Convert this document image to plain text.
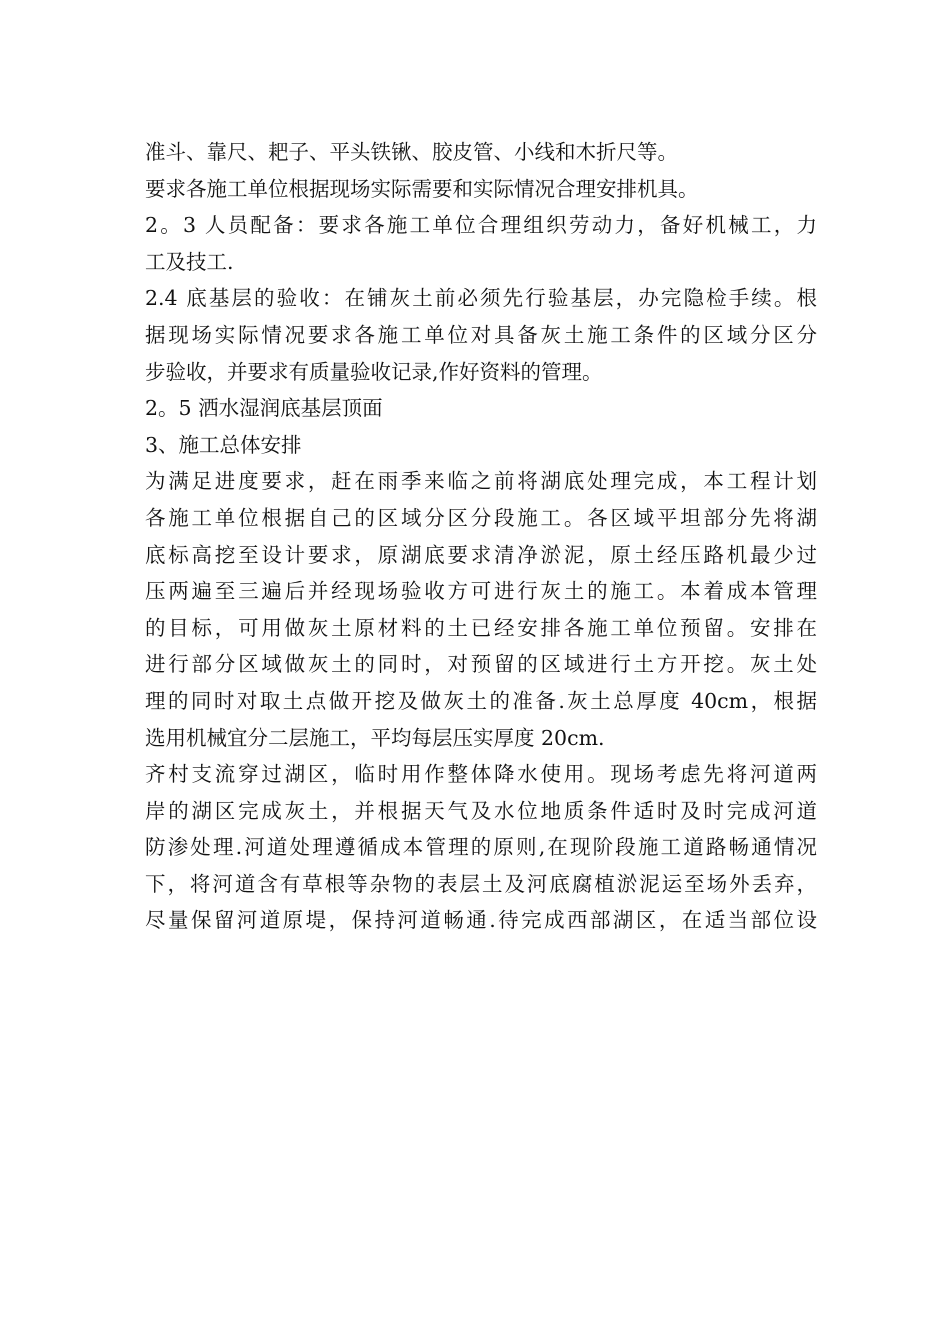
准斗、靠尺、耙子、平头铁锹、胶皮管、小线和木折尺等。
要求各施工单位根据现场实际需要和实际情况合理安排机具。
2。3 人员配备：要求各施工单位合理组织劳动力，备好机械工，力
工及技工.
2.4 底基层的验收：在铺灰土前必须先行验基层，办完隐检手续。根
据现场实际情况要求各施工单位对具备灰土施工条件的区域分区分
步验收，并要求有质量验收记录,作好资料的管理。
2。5 洒水湿润底基层顶面
3、施工总体安排
为满足进度要求，赶在雨季来临之前将湖底处理完成，本工程计划
各施工单位根据自己的区域分区分段施工。各区域平坦部分先将湖
底标高挖至设计要求，原湖底要求清净淤泥，原土经压路机最少过
压两遍至三遍后并经现场验收方可进行灰土的施工。本着成本管理
的目标，可用做灰土原材料的土已经安排各施工单位预留。安排在
进行部分区域做灰土的同时，对预留的区域进行土方开挖。灰土处
理的同时对取土点做开挖及做灰土的准备.灰土总厚度 40cm，根据
选用机械宜分二层施工，平均每层压实厚度 20cm.
齐村支流穿过湖区，临时用作整体降水使用。现场考虑先将河道两
岸的湖区完成灰土，并根据天气及水位地质条件适时及时完成河道
防渗处理.河道处理遵循成本管理的原则,在现阶段施工道路畅通情况
下，将河道含有草根等杂物的表层土及河底腐植淤泥运至场外丢弃，
尽量保留河道原堤，保持河道畅通.待完成西部湖区，在适当部位设
